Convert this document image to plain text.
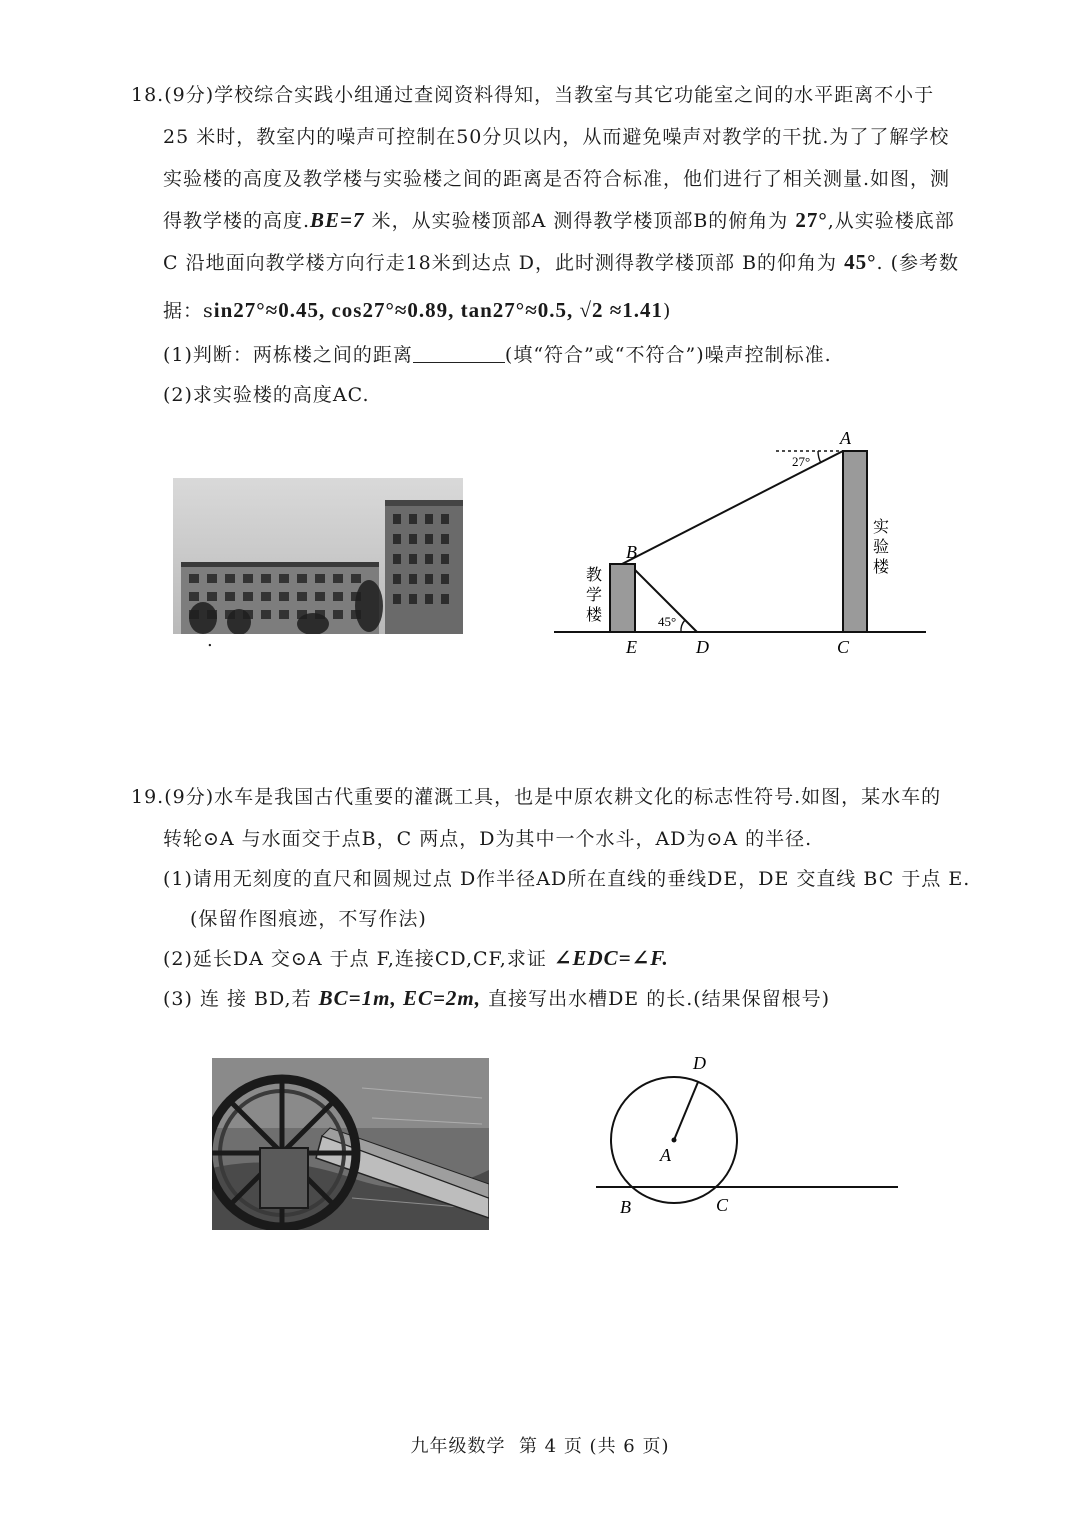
18.(9分)学校综合实践小组通过查阅资料得知，当教室与其它功能室之间的水平距离不小于
25 米时，教室内的噪声可控制在50分贝以内，从而避免噪声对教学的干扰.为了了解学校
实验楼的高度及教学楼与实验楼之间的距离是否符合标准，他们进行了相关测量.如图，测
得教学楼的高度.BE=7 米，从实验楼顶部A 测得教学楼顶部B的俯角为 27°,从实验楼底部
C 沿地面向教学楼方向行走18米到达点 D，此时测得教学楼顶部 B的仰角为 45°. (参考数
据：sin27°≈0.45, cos27°≈0.89, tan27°≈0.5, √2 ≈1.41)
(1)判断：两栋楼之间的距离	(填“符合”或“不符合”)噪声控制标准.
(2)求实验楼的高度AC.
.
A
B
E	D	C
27°
45°
教
学
楼
实
验
楼
19.(9分)水车是我国古代重要的灌溉工具，也是中原农耕文化的标志性符号.如图，某水车的
转轮⊙A 与水面交于点B，C 两点，D为其中一个水斗，AD为⊙A 的半径.
(1)请用无刻度的直尺和圆规过点 D作半径AD所在直线的垂线DE，DE 交直线 BC 于点 E.
(保留作图痕迹，不写作法)
(2)延长DA 交⊙A 于点 F,连接CD,CF,求证 ∠EDC=∠F.
(3) 连 接 BD,若 BC=1m, EC=2m, 直接写出水槽DE 的长.(结果保留根号)
D
A
B	C
九年级数学 第 4 页 (共 6 页)
